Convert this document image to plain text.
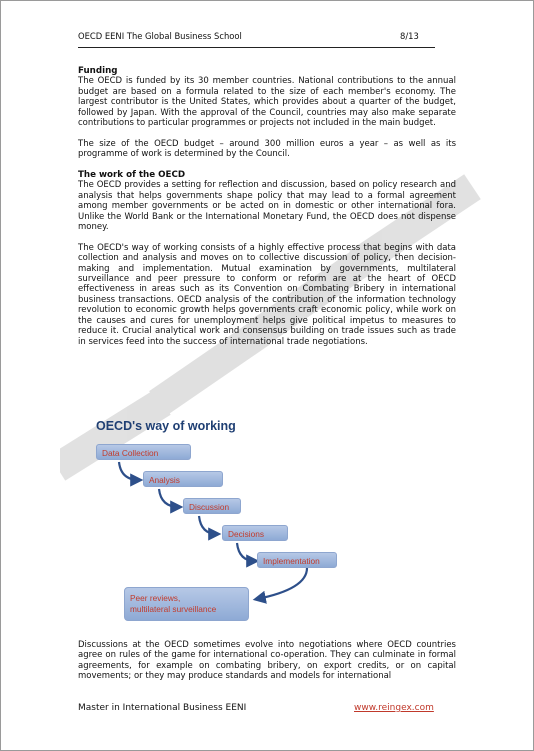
OECD EENI The Global Business School	8/13
Funding

The OECD is funded by its 30 member countries. National contributions to the annual budget are based on a formula related to the size of each member's economy. The largest contributor is the United States, which provides about a quarter of the budget, followed by Japan. With the approval of the Council, countries may also make separate contributions to particular programmes or projects not included in the main budget.

The size of the OECD budget – around 300 million euros a year – as well as its programme of work is determined by the Council.

The work of the OECD

The OECD provides a setting for reflection and discussion, based on policy research and analysis that helps governments shape policy that may lead to a formal agreement among member governments or be acted on in domestic or other international fora. Unlike the World Bank or the International Monetary Fund, the OECD does not dispense money.

The OECD's way of working consists of a highly effective process that begins with data collection and analysis and moves on to collective discussion of policy, then decision-making and implementation. Mutual examination by governments, multilateral surveillance and peer pressure to conform or reform are at the heart of OECD effectiveness in areas such as its Convention on Combating Bribery in international business transactions. OECD analysis of the contribution of the information technology revolution to economic growth helps governments craft economic policy, while work on the causes and cures for unemployment helps give political impetus to measures to reduce it. Crucial analytical work and consensus building on trade issues such as trade in services feed into the success of international trade negotiations.

OECD's way of working
Data Collection
Analysis
Discussion
Decisions
Implementation
Peer reviews,
multilateral surveillance
Discussions at the OECD sometimes evolve into negotiations where OECD countries agree on rules of the game for international co-operation. They can culminate in formal agreements, for example on combating bribery, on export credits, or on capital movements; or they may produce standards and models for international
Master in International Business EENI	www.reingex.com
